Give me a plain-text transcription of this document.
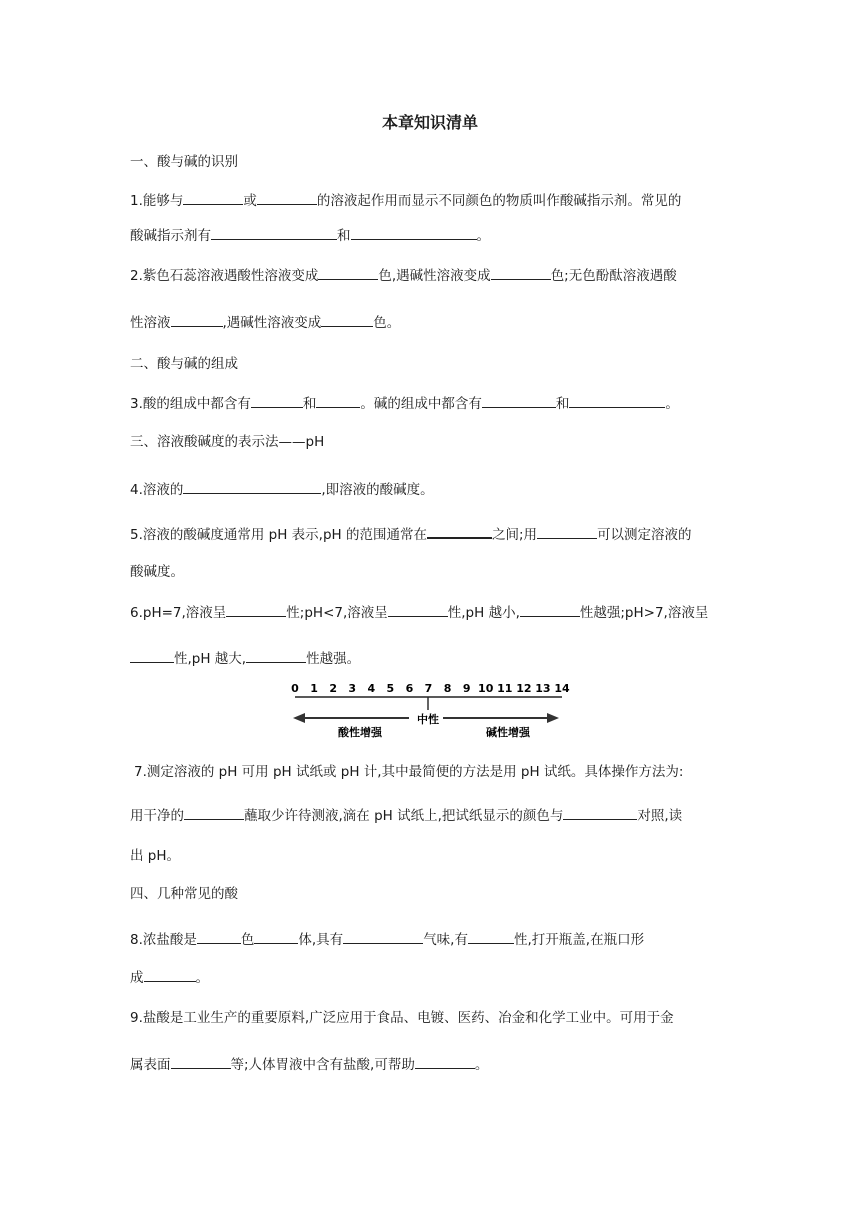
本章知识清单
一、酸与碱的识别
1.能够与	或	的溶液起作用而显示不同颜色的物质叫作酸碱指示剂。常见的
酸碱指示剂有	和	。
2.紫色石蕊溶液遇酸性溶液变成	色,遇碱性溶液变成	色;无色酚酞溶液遇酸
性溶液	,遇碱性溶液变成	色。
二、酸与碱的组成
3.酸的组成中都含有	和	。碱的组成中都含有	和	。
三、溶液酸碱度的表示法——pH
4.溶液的	,即溶液的酸碱度。
5.溶液的酸碱度通常用 pH 表示,pH 的范围通常在	之间;用	可以测定溶液的
酸碱度。
6.pH=7,溶液呈	性;pH<7,溶液呈	性,pH 越小,	性越强;pH>7,溶液呈
性,pH 越大,	性越强。
0 1 2 3 4 5 6 7 8 9 10 11 12 13 14
中性
酸性增强	碱性增强
7.测定溶液的 pH 可用 pH 试纸或 pH 计,其中最简便的方法是用 pH 试纸。具体操作方法为:
用干净的	蘸取少许待测液,滴在 pH 试纸上,把试纸显示的颜色与	对照,读
出 pH。
四、几种常见的酸
8.浓盐酸是	色	体,具有	气味,有	性,打开瓶盖,在瓶口形
成	。
9.盐酸是工业生产的重要原料,广泛应用于食品、电镀、医药、冶金和化学工业中。可用于金
属表面	等;人体胃液中含有盐酸,可帮助	。
